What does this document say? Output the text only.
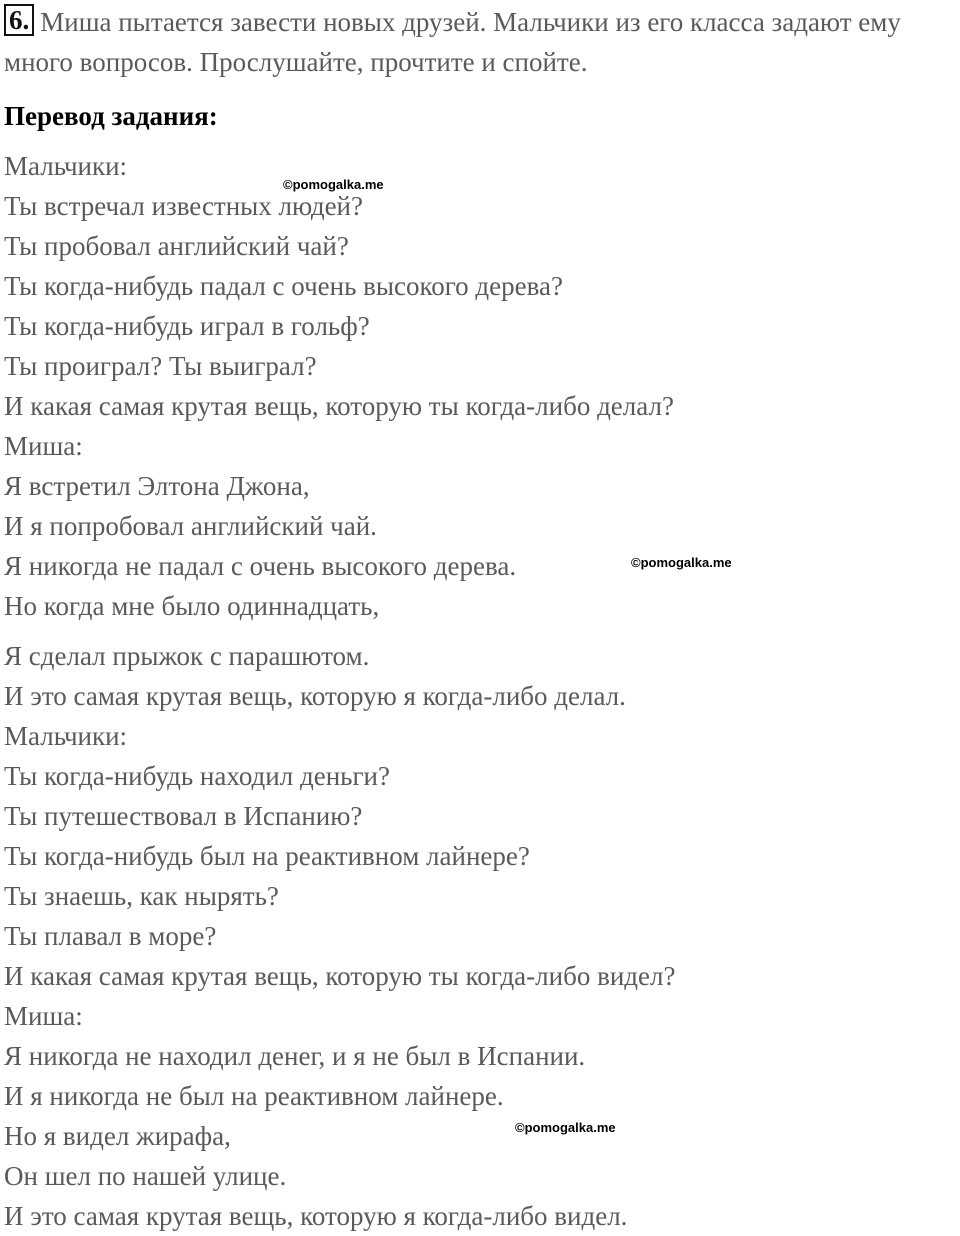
6. Миша пытается завести новых друзей. Мальчики из его класса задают ему много вопросов. Прослушайте, прочтите и спойте.
Перевод задания:
Мальчики:
Ты встречал известных людей?
Ты пробовал английский чай?
Ты когда-нибудь падал с очень высокого дерева?
Ты когда-нибудь играл в гольф?
Ты проиграл? Ты выиграл?
И какая самая крутая вещь, которую ты когда-либо делал?
Миша:
Я встретил Элтона Джона,
И я попробовал английский чай.
Я никогда не падал с очень высокого дерева.
Но когда мне было одиннадцать,
Я сделал прыжок с парашютом.
И это самая крутая вещь, которую я когда-либо делал.
Мальчики:
Ты когда-нибудь находил деньги?
Ты путешествовал в Испанию?
Ты когда-нибудь был на реактивном лайнере?
Ты знаешь, как нырять?
Ты плавал в море?
И какая самая крутая вещь, которую ты когда-либо видел?
Миша:
Я никогда не находил денег, и я не был в Испании.
И я никогда не был на реактивном лайнере.
Но я видел жирафа,
Он шел по нашей улице.
И это самая крутая вещь, которую я когда-либо видел.
©pomogalka.me
©pomogalka.me
©pomogalka.me
